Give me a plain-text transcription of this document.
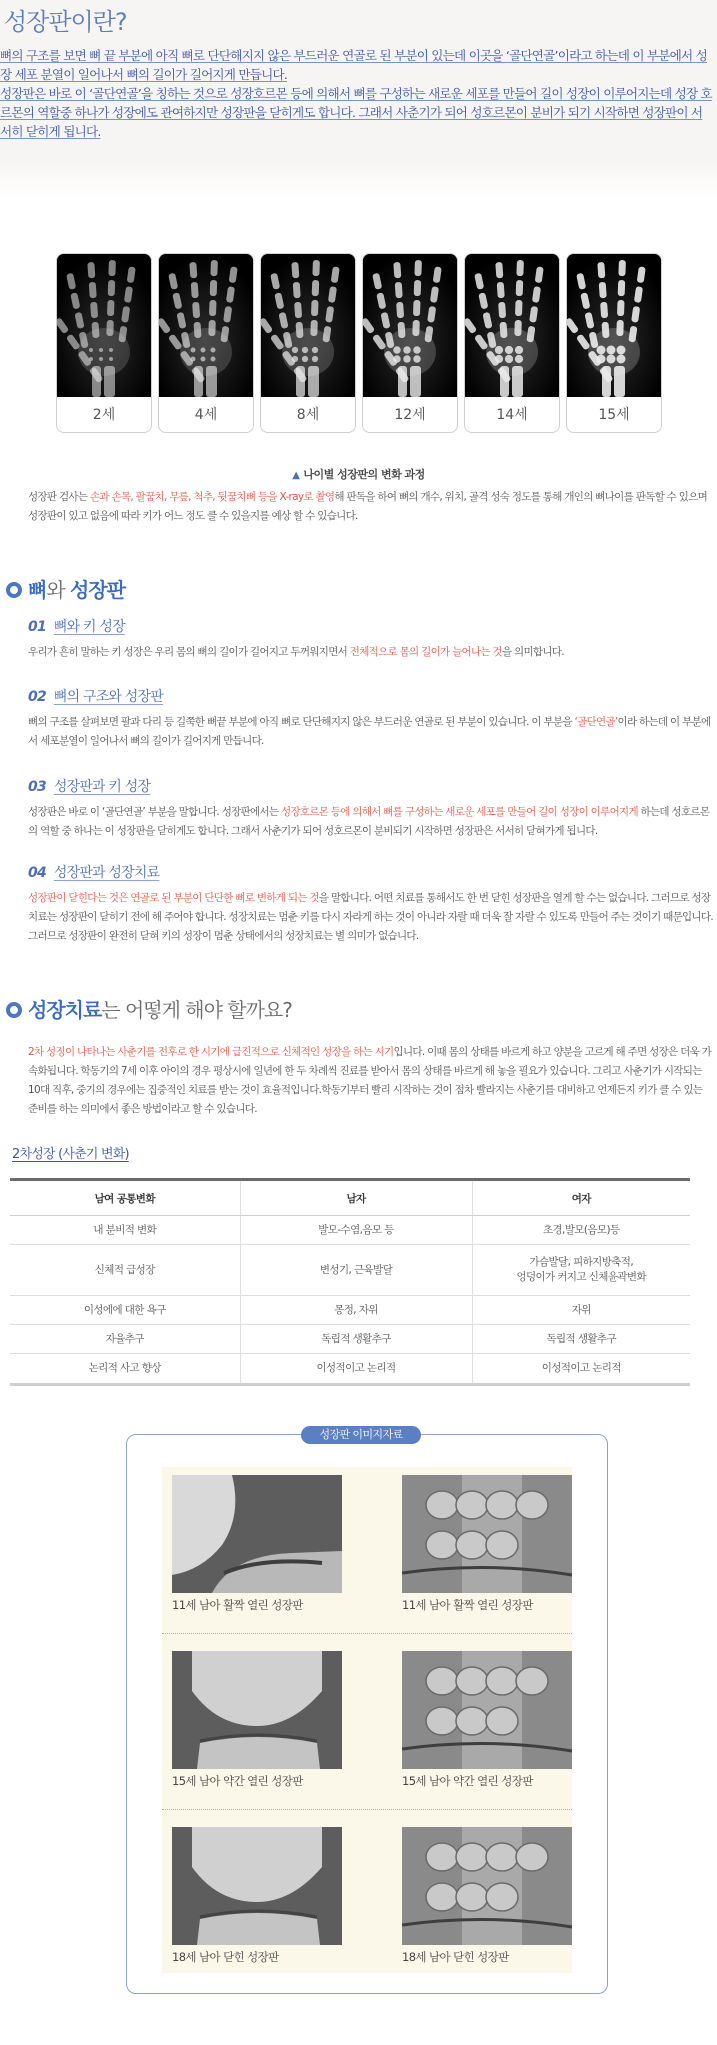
성장판이란?

뼈의 구조를 보면 뼈 끝 부분에 아직 뼈로 단단해지지 않은 부드러운 연골로 된 부분이 있는데 이곳을 ‘골단연골’이라고 하는데 이 부분에서 성장 세포 분열이 일어나서 뼈의 길이가 길어지게 만듭니다.

성장판은 바로 이 ‘골단연골’을 칭하는 것으로 성장호르몬 등에 의해서 뼈를 구성하는 새로운 세포를 만들어 길이 성장이 이루어지는데 성장 호르몬의 역할중 하나가 성장에도 관여하지만 성장판을 닫히게도 합니다. 그래서 사춘기가 되어 성호르몬이 분비가 되기 시작하면 성장판이 서서히 닫히게 됩니다.

2세	4세	8세	12세	14세	15세
▲ 나이별 성장판의 변화 과정
성장판 검사는 손과 손목, 팔꿈치, 무릎, 척추, 뒷꿈치뼈 등을 X-ray로 촬영해 판독을 하여 뼈의 개수, 위치, 골격 성숙 정도를 통해 개인의 뼈나이를 판독할 수 있으며 성장판이 있고 없음에 따라 키가 어느 정도 클 수 있을지를 예상 할 수 있습니다.
뼈와 성장판
01 뼈와 키 성장
우리가 흔히 말하는 키 성장은 우리 몸의 뼈의 길이가 길어지고 두꺼워지면서 전체적으로 몸의 길이가 늘어나는 것을 의미합니다.
02 뼈의 구조와 성장판
뼈의 구조를 살펴보면 팔과 다리 등 길쭉한 뼈끝 부분에 아직 뼈로 단단해지지 않은 부드러운 연골로 된 부분이 있습니다. 이 부분을 ‘골단연골’이라 하는데 이 부분에서 세포분열이 일어나서 뼈의 길이가 길어지게 만듭니다.
03 성장판과 키 성장
성장판은 바로 이 ‘골단연골’ 부분을 말합니다. 성장판에서는 성장호르몬 등에 의해서 뼈를 구성하는 새로운 세포를 만들어 길이 성장이 이루어지게 하는데 성호르몬의 역할 중 하나는 이 성장판을 닫히게도 합니다. 그래서 사춘기가 되어 성호르몬이 분비되기 시작하면 성장판은 서서히 닫혀가게 됩니다.
04 성장판과 성장치료
성장판이 닫힌다는 것은 연골로 된 부분이 단단한 뼈로 변하게 되는 것을 말합니다. 어떤 치료를 통해서도 한 번 닫힌 성장판을 열게 할 수는 없습니다. 그러므로 성장 치료는 성장판이 닫히기 전에 해 주어야 합니다. 성장치료는 멈춘 키를 다시 자라게 하는 것이 아니라 자랄 때 더욱 잘 자랄 수 있도록 만들어 주는 것이기 때문입니다. 그러므로 성장판이 완전히 닫혀 키의 성장이 멈춘 상태에서의 성장치료는 별 의미가 없습니다.
성장치료는 어떻게 해야 할까요?
2차 성징이 나타나는 사춘기를 전후로 한 시기에 급진적으로 신체적인 성장을 하는 시기입니다. 이때 몸의 상태를 바르게 하고 양분을 고르게 해 주면 성장은 더욱 가속화됩니다. 학동기의 7세 이후 아이의 경우 평상시에 일년에 한 두 차례씩 진료를 받아서 몸의 상태를 바르게 해 놓을 필요가 있습니다. 그리고 사춘기가 시작되는 10대 직후, 중기의 경우에는 집중적인 치료를 받는 것이 효율적입니다.학동기부터 빨리 시작하는 것이 점차 빨라지는 사춘기를 대비하고 언제든지 키가 클 수 있는 준비를 하는 의미에서 좋은 방법이라고 할 수 있습니다.
2차성장 (사춘기 변화)
남여 공통변화	남자	여자
내 분비적 변화	발모-수염,음모 등	초경,발모(음모)등
신체적 급성장	변성기, 근육발달	가슴발달, 피하지방축적,
엉덩이가 커지고 신체윤곽변화
이성에에 대한 욕구	몽정, 자위	자위
자율추구	독립적 생활추구	독립적 생활추구
논리적 사고 향상	이성적이고 논리적	이성적이고 논리적
성장판 이미지자료
11세 남아 활짝 열린 성장판	11세 남아 활짝 열린 성장판
15세 남아 약간 열린 성장판	15세 남아 약간 열린 성장판
18세 남아 닫힌 성장판	18세 남아 닫힌 성장판
